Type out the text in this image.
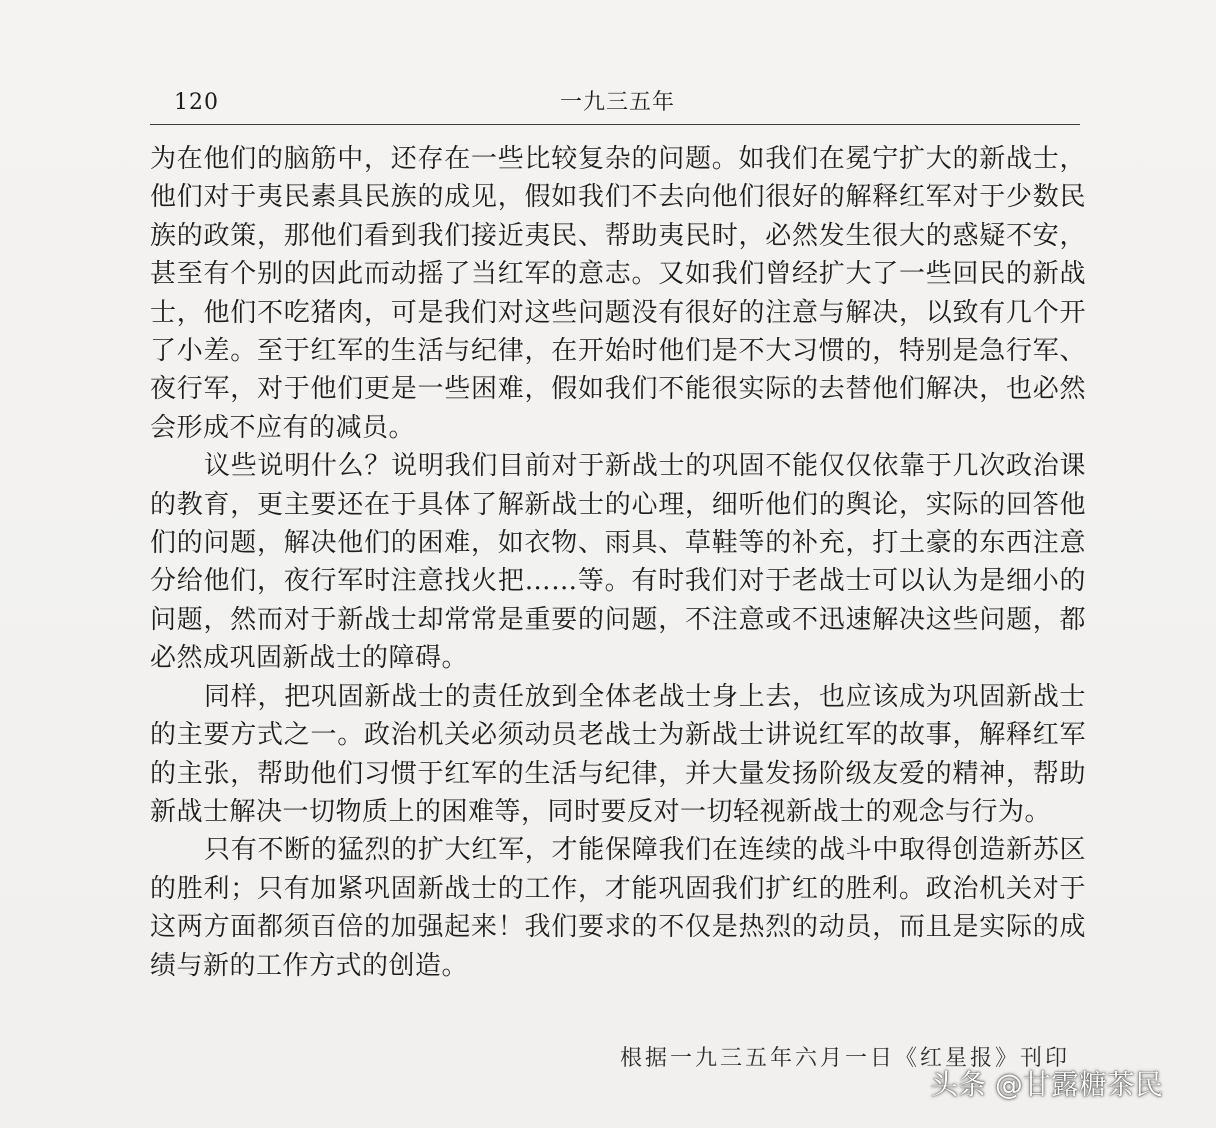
120	一九三五年

为在他们的脑筋中，还存在一些比较复杂的问题。如我们在冕宁扩大的新战士，他们对于夷民素具民族的成见，假如我们不去向他们很好的解释红军对于少数民族的政策，那他们看到我们接近夷民、帮助夷民时，必然发生很大的惑疑不安，甚至有个别的因此而动摇了当红军的意志。又如我们曾经扩大了一些回民的新战士，他们不吃猪肉，可是我们对这些问题没有很好的注意与解决，以致有几个开了小差。至于红军的生活与纪律，在开始时他们是不大习惯的，特别是急行军、夜行军，对于他们更是一些困难，假如我们不能很实际的去替他们解决，也必然会形成不应有的减员。

议些说明什么？说明我们目前对于新战士的巩固不能仅仅依靠于几次政治课的教育，更主要还在于具体了解新战士的心理，细听他们的舆论，实际的回答他们的问题，解决他们的困难，如衣物、雨具、草鞋等的补充，打土豪的东西注意分给他们，夜行军时注意找火把……等。有时我们对于老战士可以认为是细小的问题，然而对于新战士却常常是重要的问题，不注意或不迅速解决这些问题，都必然成巩固新战士的障碍。

同样，把巩固新战士的责任放到全体老战士身上去，也应该成为巩固新战士的主要方式之一。政治机关必须动员老战士为新战士讲说红军的故事，解释红军的主张，帮助他们习惯于红军的生活与纪律，并大量发扬阶级友爱的精神，帮助新战士解决一切物质上的困难等，同时要反对一切轻视新战士的观念与行为。

只有不断的猛烈的扩大红军，才能保障我们在连续的战斗中取得创造新苏区的胜利；只有加紧巩固新战士的工作，才能巩固我们扩红的胜利。政治机关对于这两方面都须百倍的加强起来！我们要求的不仅是热烈的动员，而且是实际的成绩与新的工作方式的创造。

根据一九三五年六月一日《红星报》刊印
头条 @甘露糖茶民
